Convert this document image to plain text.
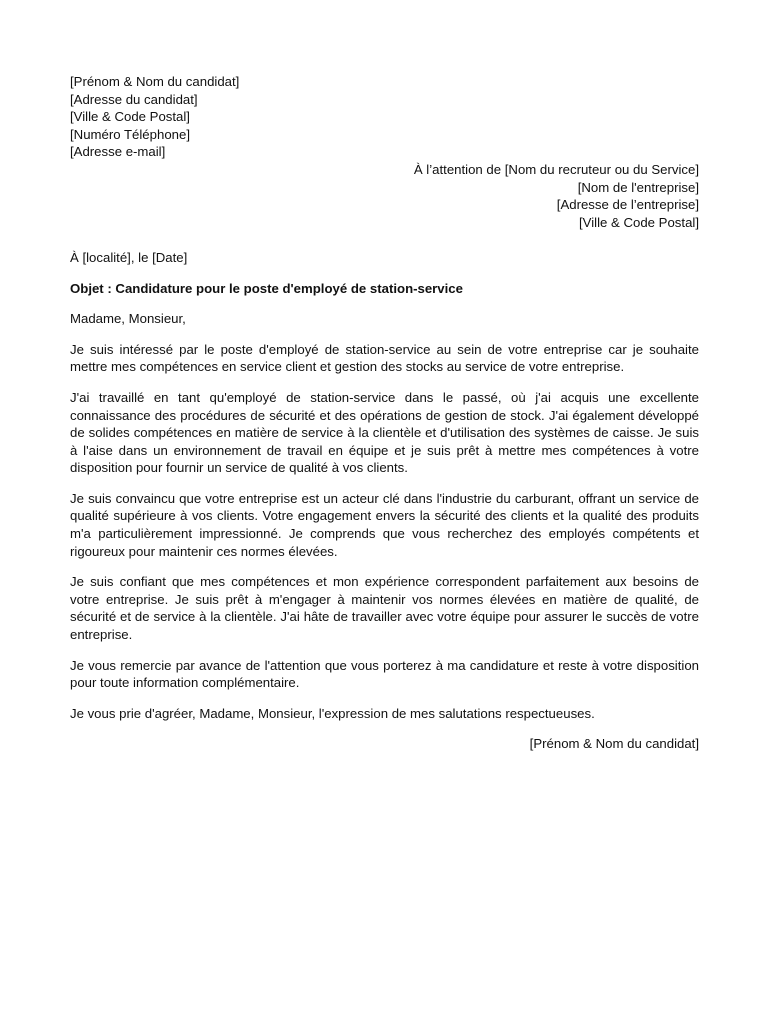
[Prénom & Nom du candidat]
[Adresse du candidat]
[Ville & Code Postal]
[Numéro Téléphone]
[Adresse e-mail]
À l’attention de [Nom du recruteur ou du Service]
[Nom de l'entreprise]
[Adresse de l’entreprise]
[Ville & Code Postal]
À [localité], le [Date]
Objet : Candidature pour le poste d'employé de station-service
Madame, Monsieur,
Je suis intéressé par le poste d'employé de station-service au sein de votre entreprise car je souhaite mettre mes compétences en service client et gestion des stocks au service de votre entreprise.
J'ai travaillé en tant qu'employé de station-service dans le passé, où j'ai acquis une excellente connaissance des procédures de sécurité et des opérations de gestion de stock. J'ai également développé de solides compétences en matière de service à la clientèle et d'utilisation des systèmes de caisse. Je suis à l'aise dans un environnement de travail en équipe et je suis prêt à mettre mes compétences à votre disposition pour fournir un service de qualité à vos clients.
Je suis convaincu que votre entreprise est un acteur clé dans l'industrie du carburant, offrant un service de qualité supérieure à vos clients. Votre engagement envers la sécurité des clients et la qualité des produits m'a particulièrement impressionné. Je comprends que vous recherchez des employés compétents et rigoureux pour maintenir ces normes élevées.
Je suis confiant que mes compétences et mon expérience correspondent parfaitement aux besoins de votre entreprise. Je suis prêt à m'engager à maintenir vos normes élevées en matière de qualité, de sécurité et de service à la clientèle. J'ai hâte de travailler avec votre équipe pour assurer le succès de votre entreprise.
Je vous remercie par avance de l'attention que vous porterez à ma candidature et reste à votre disposition pour toute information complémentaire.
Je vous prie d'agréer, Madame, Monsieur, l'expression de mes salutations respectueuses.
[Prénom & Nom du candidat]
